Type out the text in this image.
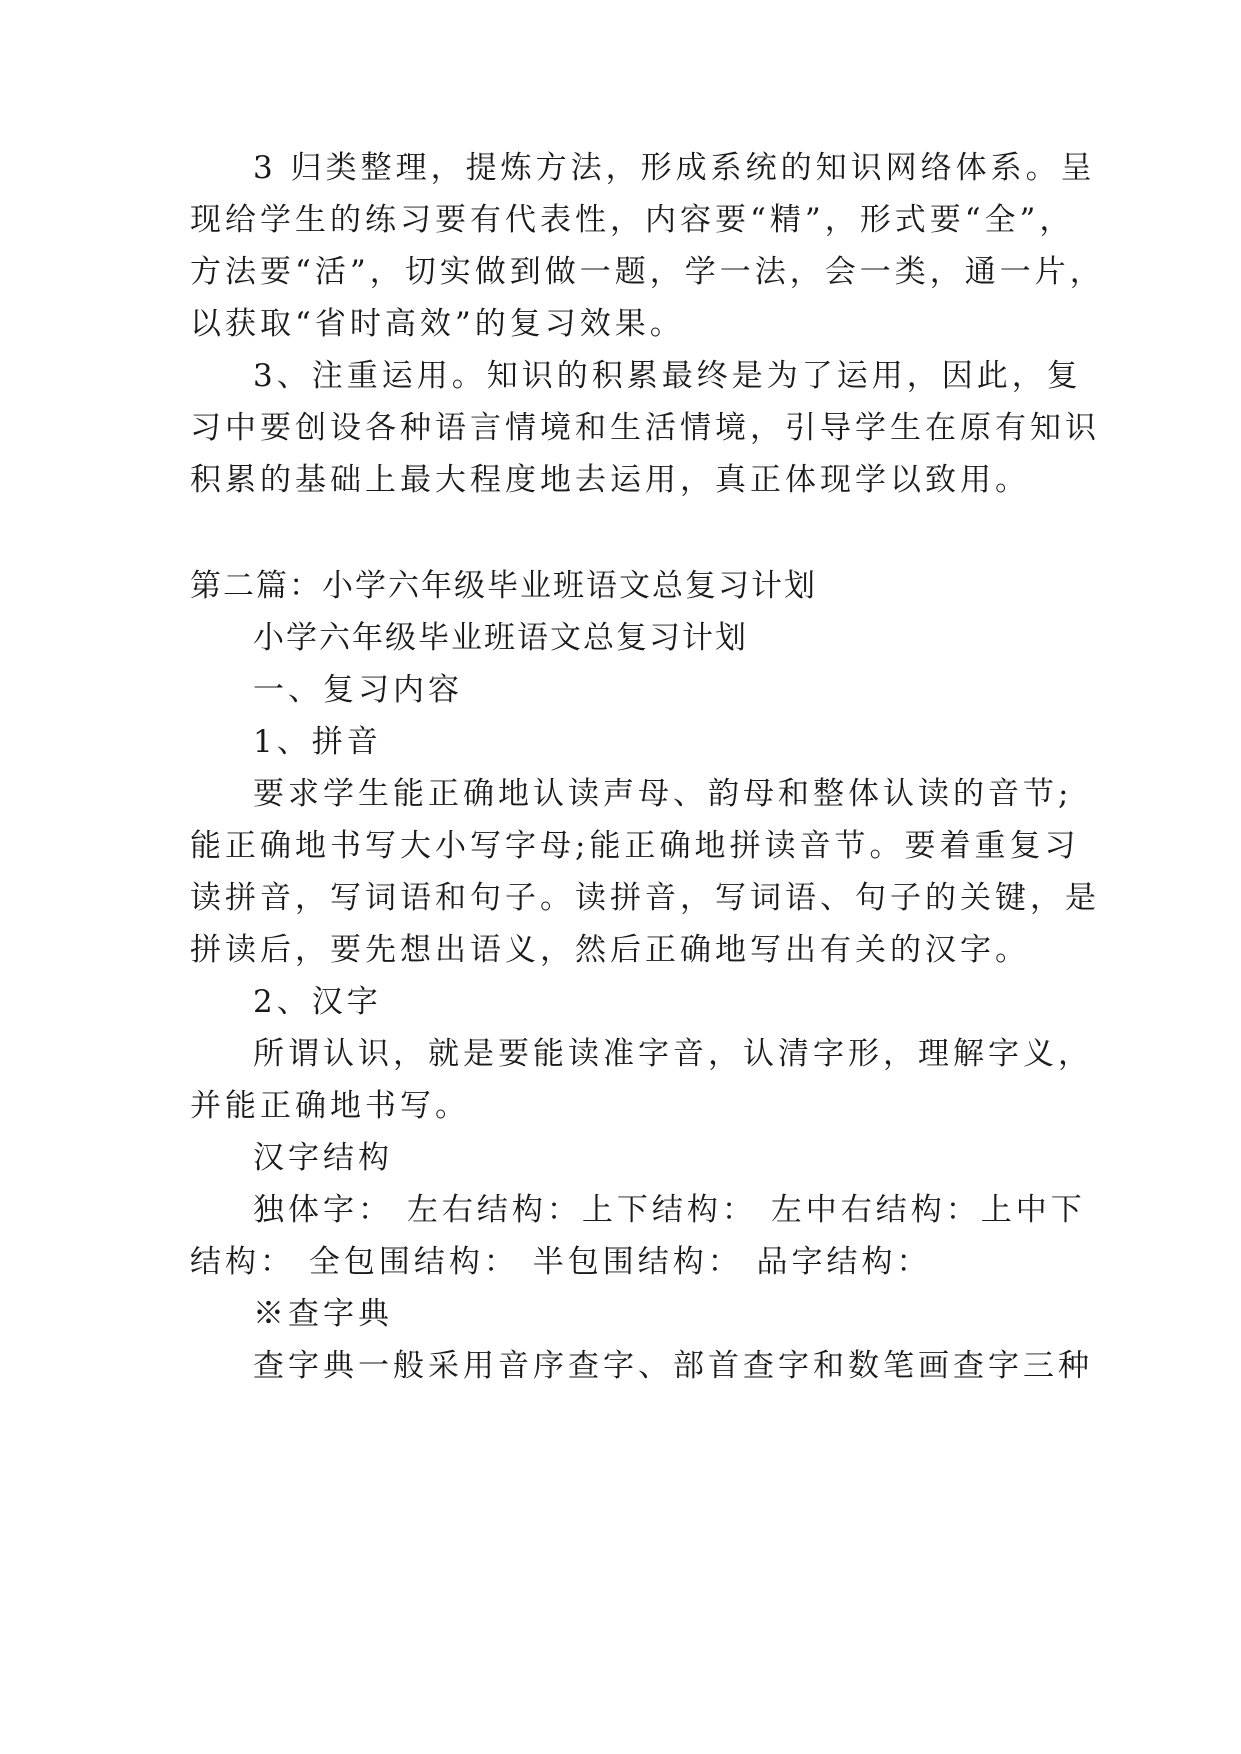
3 归类整理，提炼方法，形成系统的知识网络体系。呈
现给学生的练习要有代表性，内容要“精”，形式要“全”，
方法要“活”，切实做到做一题，学一法，会一类，通一片，
以获取“省时高效”的复习效果。
3、注重运用。知识的积累最终是为了运用，因此，复
习中要创设各种语言情境和生活情境，引导学生在原有知识
积累的基础上最大程度地去运用，真正体现学以致用。
第二篇：小学六年级毕业班语文总复习计划
小学六年级毕业班语文总复习计划
一、复习内容
1、拼音
要求学生能正确地认读声母、韵母和整体认读的音节;
能正确地书写大小写字母;能正确地拼读音节。要着重复习
读拼音，写词语和句子。读拼音，写词语、句子的关键，是
拼读后，要先想出语义，然后正确地写出有关的汉字。
2、汉字
所谓认识，就是要能读准字音，认清字形，理解字义，
并能正确地书写。
汉字结构
独体字： 左右结构：上下结构： 左中右结构：上中下
结构： 全包围结构： 半包围结构： 品字结构：
※查字典
查字典一般采用音序查字、部首查字和数笔画查字三种
